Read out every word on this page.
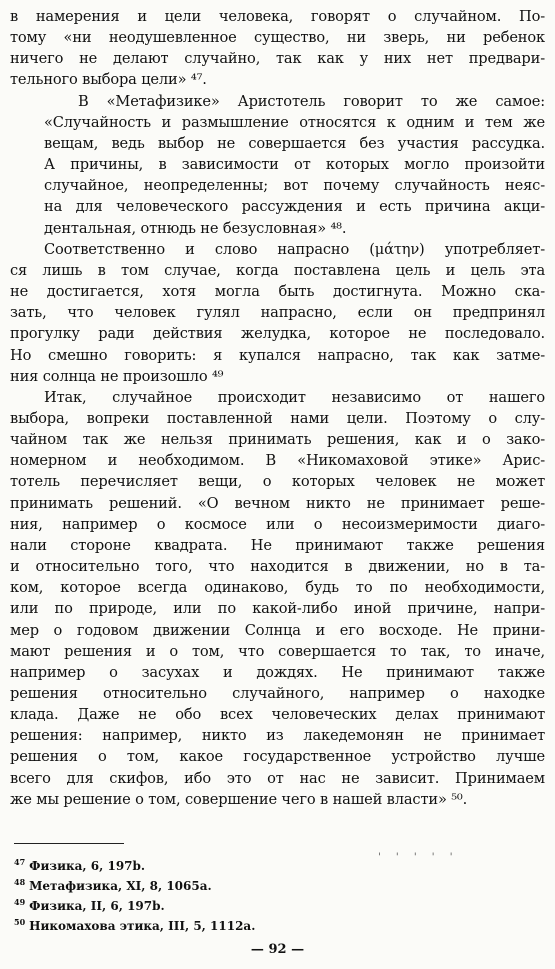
в намерения и цели человека, говорят о случайном. По-
тому «ни неодушевленное существо, ни зверь, ни ребенок
ничего не делают случайно, так как у них нет предвари-
тельного выбора цели» ⁴⁷.

В «Метафизике» Аристотель говорит то же самое:
«Случайность и размышление относятся к одним и тем же
вещам, ведь выбор не совершается без участия рассудка.
А причины, в зависимости от которых могло произойти
случайное, неопределенны; вот почему случайность неяс-
на для человеческого рассуждения и есть причина акци-
дентальная, отнюдь не безусловная» ⁴⁸.

Соответственно и слово напрасно (μάτην) употребляет-
ся лишь в том случае, когда поставлена цель и цель эта
не достигается, хотя могла быть достигнута. Можно ска-
зать, что человек гулял напрасно, если он предпринял
прогулку ради действия желудка, которое не последовало.
Но смешно говорить: я купался напрасно, так как затме-
ния солнца не произошло ⁴⁹

Итак, случайное происходит независимо от нашего
выбора, вопреки поставленной нами цели. Поэтому о слу-
чайном так же нельзя принимать решения, как и о зако-
номерном и необходимом. В «Никомаховой этике» Арис-
тотель перечисляет вещи, о которых человек не может
принимать решений. «О вечном никто не принимает реше-
ния, например о космосе или о несоизмеримости диаго-
нали стороне квадрата. Не принимают также решения
и относительно того, что находится в движении, но в та-
ком, которое всегда одинаково, будь то по необходимости,
или по природе, или по какой-либо иной причине, напри-
мер о годовом движении Солнца и его восходе. Не прини-
мают решения и о том, что совершается то так, то иначе,
например о засухах и дождях. Не принимают также
решения относительно случайного, например о находке
клада. Даже не обо всех человеческих делах принимают
решения: например, никто из лакедемонян не принимает
решения о том, какое государственное устройство лучше
всего для скифов, ибо это от нас не зависит. Принимаем
же мы решение о том, совершение чего в нашей власти» ⁵⁰.

' ' ' ' '
$^{47}$ Физика, 6, 197b.
$^{48}$ Метафизика, XI, 8, 1065a.
$^{49}$ Физика, II, 6, 197b.
$^{50}$ Никомахова этика, III, 5, 1112a.
— 92 —
